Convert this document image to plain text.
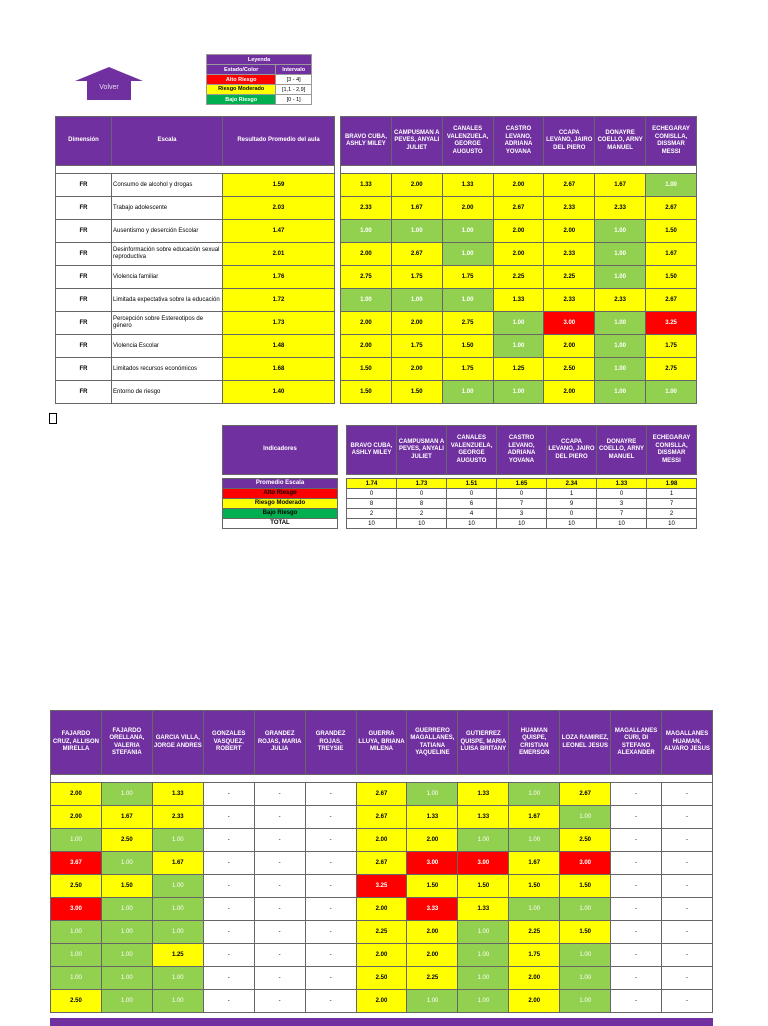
Volver
Leyenda	
Estado/Color	Intervalo
Alto Riesgo	[3 - 4]
Riesgo Moderado	[1,1 - 2,9]
Bajo Riesgo	[0 - 1]
Dimensión	Escala	Resultado Promedio del aula

FR	Consumo de alcohol y drogas	1.59
FR	Trabajo adolescente	2.03
FR	Ausentismo y deserción Escolar	1.47
FR	Desinformación sobre educación sexual reproductiva	2.01
FR	Violencia familiar	1.76
FR	Limitada expectativa sobre la educación	1.72
FR	Percepción sobre Estereotipos de género	1.73
FR	Violencia Escolar	1.48
FR	Limitados recursos económicos	1.68
FR	Entorno de riesgo	1.40
BRAVO CUBA, ASHLY MILEY	CAMPUSMAN A PEVES, ANYALI JULIET	CANALES VALENZUELA, GEORGE AUGUSTO	CASTRO LEVANO, ADRIANA YOVANA	CCAPA LEVANO, JAIRO DEL PIERO	DONAYRE COELLO, ARNY MANUEL	ECHEGARAY CONISLLA, DISSMAR MESSI

1.33	2.00	1.33	2.00	2.67	1.67	1.00
2.33	1.67	2.00	2.67	2.33	2.33	2.67
1.00	1.00	1.00	2.00	2.00	1.00	1.50
2.00	2.67	1.00	2.00	2.33	1.00	1.67
2.75	1.75	1.75	2.25	2.25	1.00	1.50
1.00	1.00	1.00	1.33	2.33	2.33	2.67
2.00	2.00	2.75	1.00	3.00	1.00	3.25
2.00	1.75	1.50	1.00	2.00	1.00	1.75
1.50	2.00	1.75	1.25	2.50	1.00	2.75
1.50	1.50	1.00	1.00	2.00	1.00	1.00
Indicadores		BRAVO CUBA, ASHLY MILEY	CAMPUSMAN A PEVES, ANYALI JULIET	CANALES VALENZUELA, GEORGE AUGUSTO	CASTRO LEVANO, ADRIANA YOVANA	CCAPA LEVANO, JAIRO DEL PIERO	DONAYRE COELLO, ARNY MANUEL	ECHEGARAY CONISLLA, DISSMAR MESSI

Promedio Escala		1.74	1.73	1.51	1.65	2.34	1.33	1.98
Alto Riesgo		0	0	0	0	1	0	1
Riesgo Moderado		8	8	6	7	9	3	7
Bajo Riesgo		2	2	4	3	0	7	2
TOTAL		10	10	10	10	10	10	10
FAJARDO CRUZ, ALLISON MIRELLA	FAJARDO ORELLANA, VALERIA STEFANIA	GARCIA VILLA, JORGE ANDRES	GONZALES VASQUEZ, ROBERT	GRANDEZ ROJAS, MARIA JULIA	GRANDEZ ROJAS, TREYSIE	GUERRA LLUYA, BRIANA MILENA	GUERRERO MAGALLANES, TATIANA YAQUELINE	GUTIERREZ QUISPE, MARIA LUISA BRITANY	HUAMAN QUISPE, CRISTIAN EMERSON	LOZA RAMIREZ, LEONEL JESUS	MAGALLANES CURI, DI STEFANO ALEXANDER	MAGALLANES HUAMAN, ALVARO JESUS

2.00	1.00	1.33	-	-	-	2.67	1.00	1.33	1.00	2.67	-	-
2.00	1.67	2.33	-	-	-	2.67	1.33	1.33	1.67	1.00	-	-
1.00	2.50	1.00	-	-	-	2.00	2.00	1.00	1.00	2.50	-	-
3.67	1.00	1.67	-	-	-	2.67	3.00	3.00	1.67	3.00	-	-
2.50	1.50	1.00	-	-	-	3.25	1.50	1.50	1.50	1.50	-	-
3.00	1.00	1.00	-	-	-	2.00	3.33	1.33	1.00	1.00	-	-
1.00	1.00	1.00	-	-	-	2.25	2.00	1.00	2.25	1.50	-	-
1.00	1.00	1.25	-	-	-	2.00	2.00	1.00	1.75	1.00	-	-
1.00	1.00	1.00	-	-	-	2.50	2.25	1.00	2.00	1.00	-	-
2.50	1.00	1.00	-	-	-	2.00	1.00	1.00	2.00	1.00	-	-
